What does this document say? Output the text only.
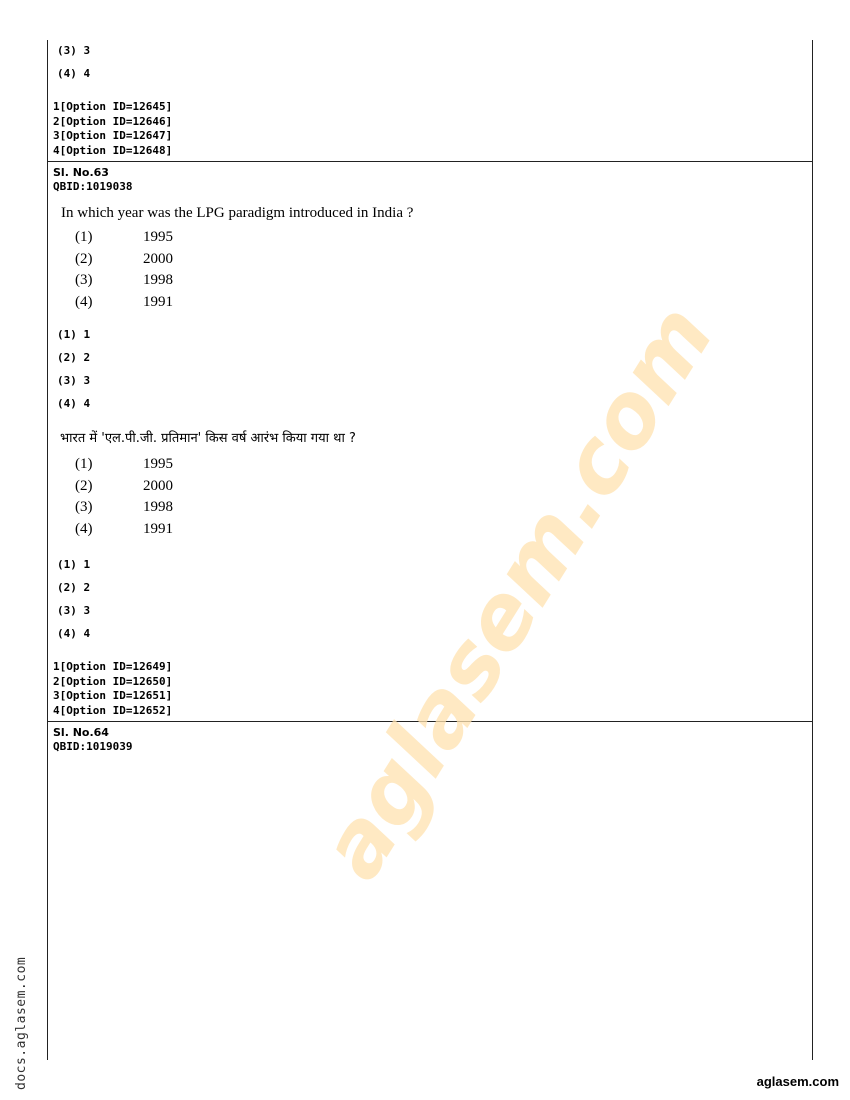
(3) 3
(4) 4
1[Option ID=12645]
2[Option ID=12646]
3[Option ID=12647]
4[Option ID=12648]
Sl. No.63
QBID:1019038
In which year was the LPG paradigm introduced in India ?
(1)	1995
(2)	2000
(3)	1998
(4)	1991
(1) 1
(2) 2
(3) 3
(4) 4
भारत में 'एल.पी.जी. प्रतिमान' किस वर्ष आरंभ किया गया था ?
(1)	1995
(2)	2000
(3)	1998
(4)	1991
(1) 1
(2) 2
(3) 3
(4) 4
1[Option ID=12649]
2[Option ID=12650]
3[Option ID=12651]
4[Option ID=12652]
Sl. No.64
QBID:1019039 aglasem.com
docs.aglasem.com	aglasem.com
